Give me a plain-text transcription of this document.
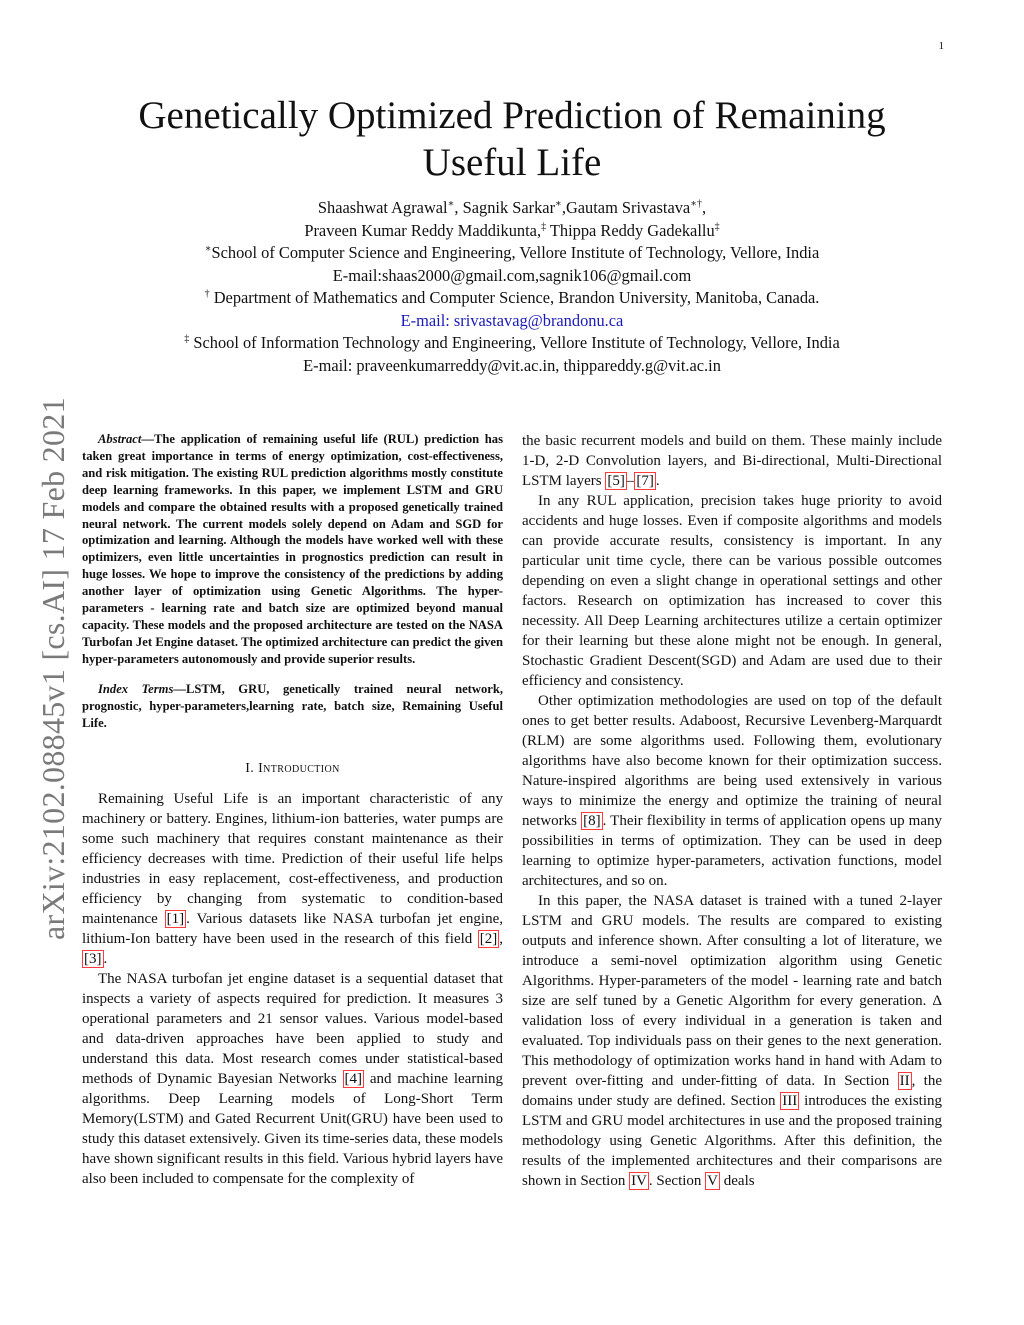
1
arXiv:2102.08845v1 [cs.AI] 17 Feb 2021
Genetically Optimized Prediction of Remaining Useful Life
Shaashwat Agrawal∗, Sagnik Sarkar∗,Gautam Srivastava∗†,
Praveen Kumar Reddy Maddikunta,‡ Thippa Reddy Gadekallu‡
∗School of Computer Science and Engineering, Vellore Institute of Technology, Vellore, India
E-mail:shaas2000@gmail.com,sagnik106@gmail.com
† Department of Mathematics and Computer Science, Brandon University, Manitoba, Canada.
E-mail: srivastavag@brandonu.ca
‡ School of Information Technology and Engineering, Vellore Institute of Technology, Vellore, India
E-mail: praveenkumarreddy@vit.ac.in, thippareddy.g@vit.ac.in

Abstract—The application of remaining useful life (RUL) prediction has taken great importance in terms of energy optimization, cost-effectiveness, and risk mitigation. The existing RUL prediction algorithms mostly constitute deep learning frameworks. In this paper, we implement LSTM and GRU models and compare the obtained results with a proposed genetically trained neural network. The current models solely depend on Adam and SGD for optimization and learning. Although the models have worked well with these optimizers, even little uncertainties in prognostics prediction can result in huge losses. We hope to improve the consistency of the predictions by adding another layer of optimization using Genetic Algorithms. The hyper-parameters - learning rate and batch size are optimized beyond manual capacity. These models and the proposed architecture are tested on the NASA Turbofan Jet Engine dataset. The optimized architecture can predict the given hyper-parameters autonomously and provide superior results.

Index Terms—LSTM, GRU, genetically trained neural network, prognostic, hyper-parameters,learning rate, batch size, Remaining Useful Life.

I. Introduction

Remaining Useful Life is an important characteristic of any machinery or battery. Engines, lithium-ion batteries, water pumps are some such machinery that requires constant maintenance as their efficiency decreases with time. Prediction of their useful life helps industries in easy replacement, cost-effectiveness, and production efficiency by changing from systematic to condition-based maintenance [1] . Various datasets like NASA turbofan jet engine, lithium-Ion battery have been used in the research of this field [2] , [3] .

The NASA turbofan jet engine dataset is a sequential dataset that inspects a variety of aspects required for prediction. It measures 3 operational parameters and 21 sensor values. Various model-based and data-driven approaches have been applied to study and understand this data. Most research comes under statistical-based methods of Dynamic Bayesian Networks [4] and machine learning algorithms. Deep Learning models of Long-Short Term Memory(LSTM) and Gated Recurrent Unit(GRU) have been used to study this dataset extensively. Given its time-series data, these models have shown significant results in this field. Various hybrid layers have also been included to compensate for the complexity of

the basic recurrent models and build on them. These mainly include 1-D, 2-D Convolution layers, and Bi-directional, Multi-Directional LSTM layers [5] – [7] .

In any RUL application, precision takes huge priority to avoid accidents and huge losses. Even if composite algorithms and models can provide accurate results, consistency is important. In any particular unit time cycle, there can be various possible outcomes depending on even a slight change in operational settings and other factors. Research on optimization has increased to cover this necessity. All Deep Learning architectures utilize a certain optimizer for their learning but these alone might not be enough. In general, Stochastic Gradient Descent(SGD) and Adam are used due to their efficiency and consistency.

Other optimization methodologies are used on top of the default ones to get better results. Adaboost, Recursive Levenberg-Marquardt (RLM) are some algorithms used. Following them, evolutionary algorithms have also become known for their optimization success. Nature-inspired algorithms are being used extensively in various ways to minimize the energy and optimize the training of neural networks [8] . Their flexibility in terms of application opens up many possibilities in terms of optimization. They can be used in deep learning to optimize hyper-parameters, activation functions, model architectures, and so on.

In this paper, the NASA dataset is trained with a tuned 2-layer LSTM and GRU models. The results are compared to existing outputs and inference shown. After consulting a lot of literature, we introduce a semi-novel optimization algorithm using Genetic Algorithms. Hyper-parameters of the model - learning rate and batch size are self tuned by a Genetic Algorithm for every generation. Δ validation loss of every individual in a generation is taken and evaluated. Top individuals pass on their genes to the next generation. This methodology of optimization works hand in hand with Adam to prevent over-fitting and under-fitting of data. In Section II , the domains under study are defined. Section III introduces the existing LSTM and GRU model architectures in use and the proposed training methodology using Genetic Algorithms. After this definition, the results of the implemented architectures and their comparisons are shown in Section IV . Section V deals
